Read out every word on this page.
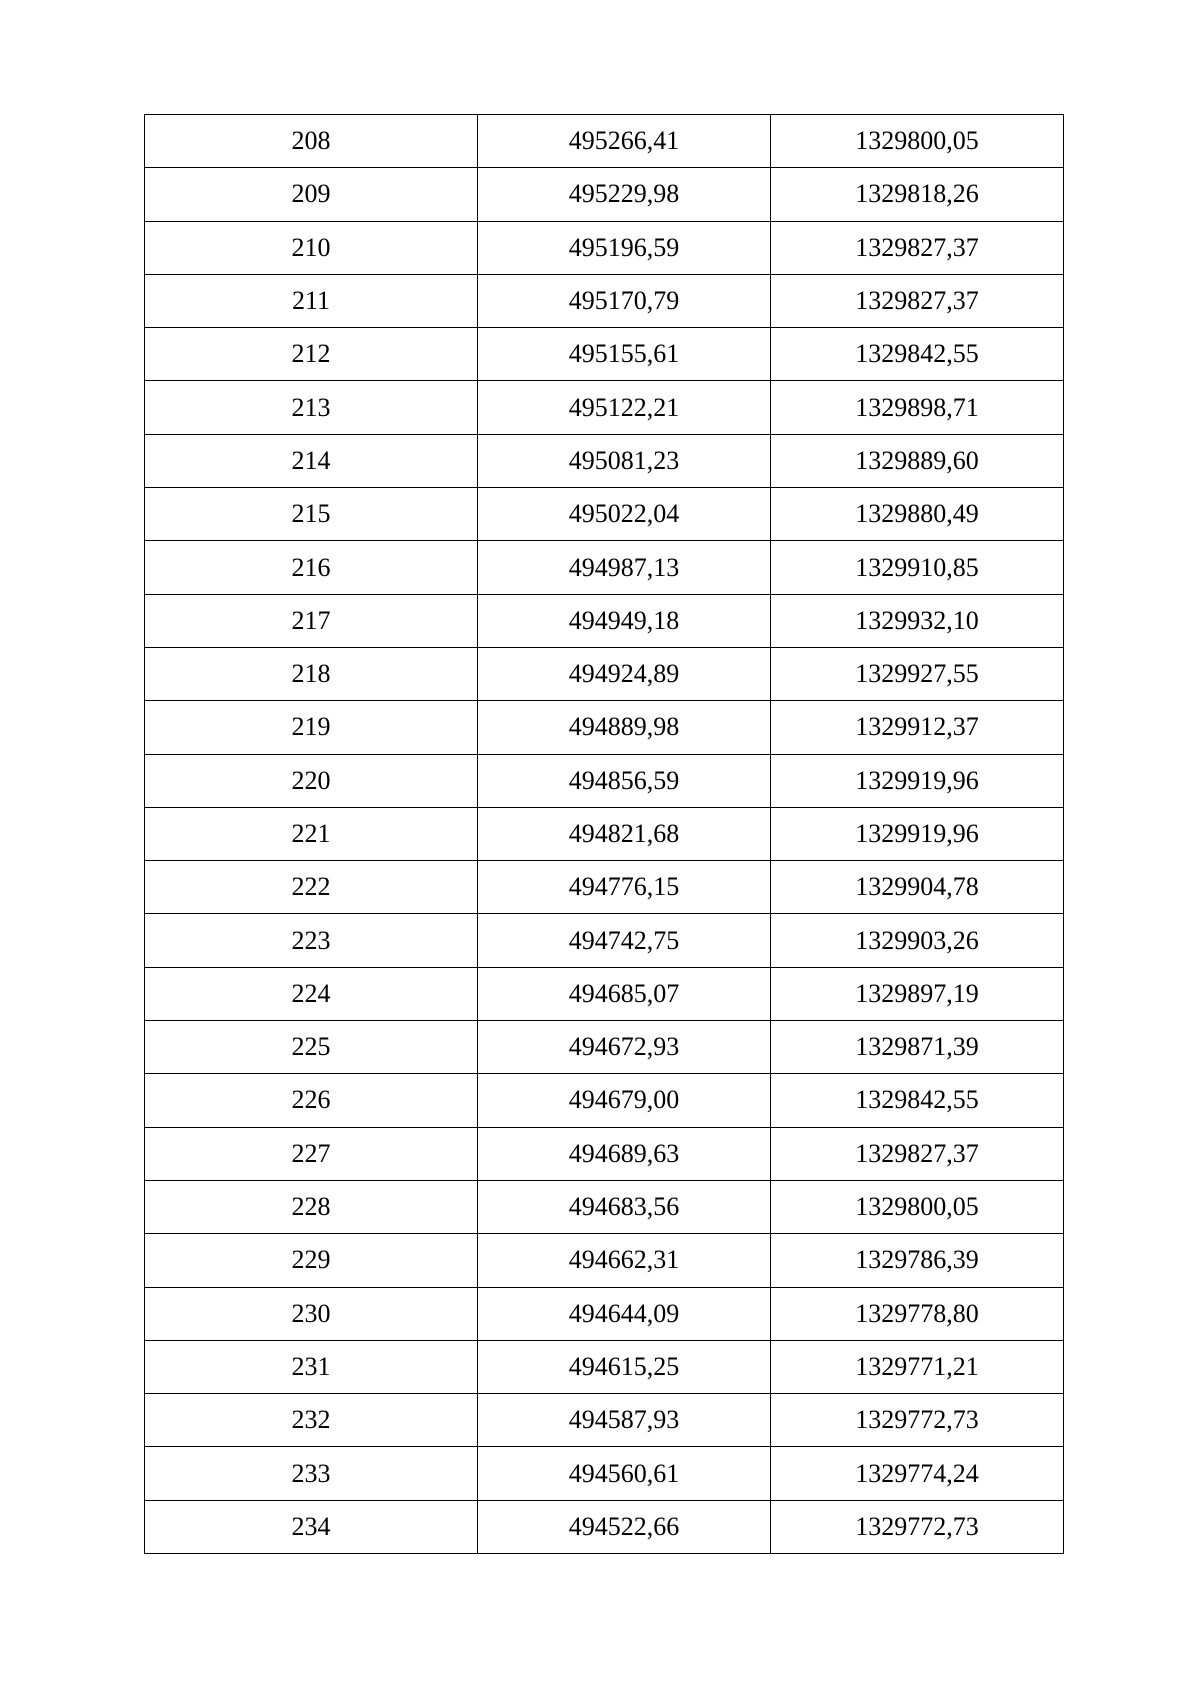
208	495266,41	1329800,05
209	495229,98	1329818,26
210	495196,59	1329827,37
211	495170,79	1329827,37
212	495155,61	1329842,55
213	495122,21	1329898,71
214	495081,23	1329889,60
215	495022,04	1329880,49
216	494987,13	1329910,85
217	494949,18	1329932,10
218	494924,89	1329927,55
219	494889,98	1329912,37
220	494856,59	1329919,96
221	494821,68	1329919,96
222	494776,15	1329904,78
223	494742,75	1329903,26
224	494685,07	1329897,19
225	494672,93	1329871,39
226	494679,00	1329842,55
227	494689,63	1329827,37
228	494683,56	1329800,05
229	494662,31	1329786,39
230	494644,09	1329778,80
231	494615,25	1329771,21
232	494587,93	1329772,73
233	494560,61	1329774,24
234	494522,66	1329772,73
